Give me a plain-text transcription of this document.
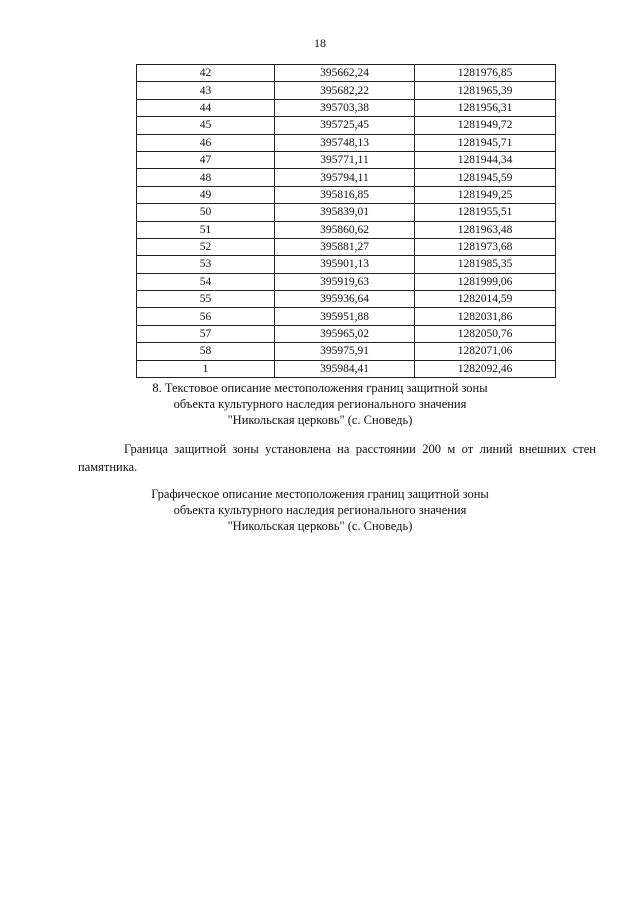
18
42	395662,24	1281976,85
43	395682,22	1281965,39
44	395703,38	1281956,31
45	395725,45	1281949,72
46	395748,13	1281945,71
47	395771,11	1281944,34
48	395794,11	1281945,59
49	395816,85	1281949,25
50	395839,01	1281955,51
51	395860,62	1281963,48
52	395881,27	1281973,68
53	395901,13	1281985,35
54	395919,63	1281999,06
55	395936,64	1282014,59
56	395951,88	1282031,86
57	395965,02	1282050,76
58	395975,91	1282071,06
1	395984,41	1282092,46
8. Текстовое описание местоположения границ защитной зоны
объекта культурного наследия регионального значения
"Никольская церковь" (с. Сноведь)
Граница защитной зоны установлена на расстоянии 200 м от линий внешних стен памятника.
Графическое описание местоположения границ защитной зоны
объекта культурного наследия регионального значения
"Никольская церковь" (с. Сноведь)
